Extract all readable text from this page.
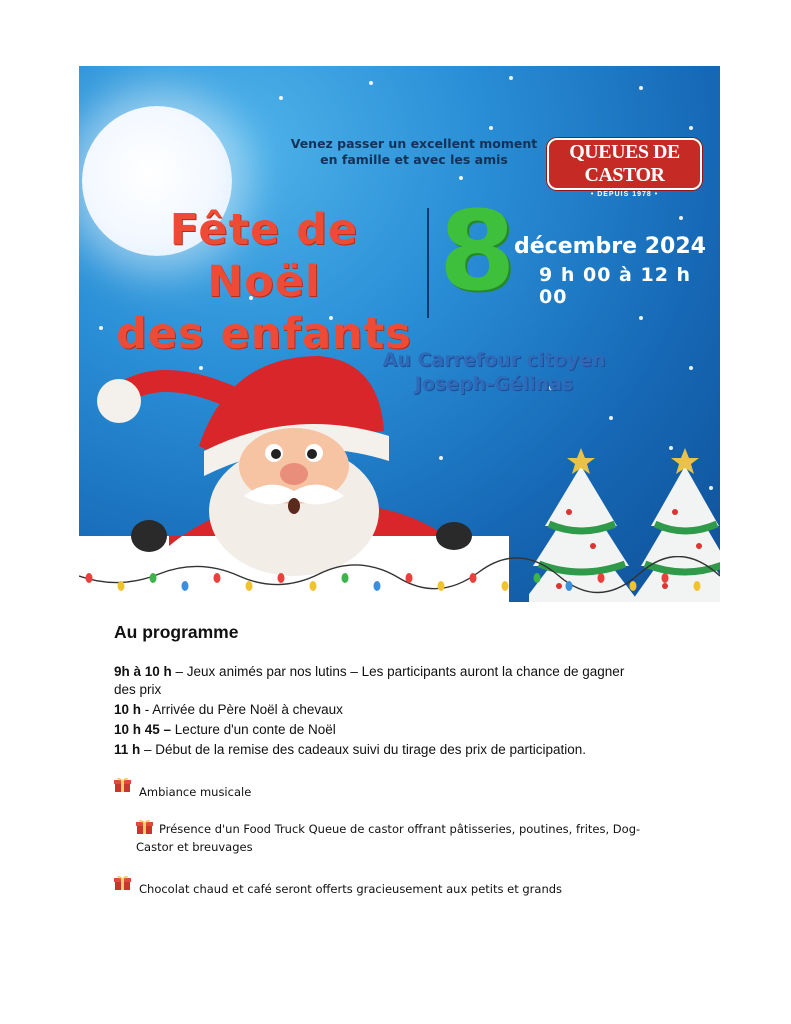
Venez passer un excellent moment
en famille et avec les amis	QUEUES DE CASTOR
• DEPUIS 1978 •
Fête de Noël
des enfants
8
décembre 2024
9 h 00 à 12 h 00
Au Carrefour citoyen
Joseph-Gélinas
Au programme
9h à 10 h – Jeux animés par nos lutins – Les participants auront la chance de gagner
des prix
10 h - Arrivée du Père Noël à chevaux
10 h 45 – Lecture d'un conte de Noël
11 h – Début de la remise des cadeaux suivi du tirage des prix de participation.
Ambiance musicale
Présence d'un Food Truck Queue de castor offrant pâtisseries, poutines, frites, Dog-
Castor et breuvages
Chocolat chaud et café seront offerts gracieusement aux petits et grands
